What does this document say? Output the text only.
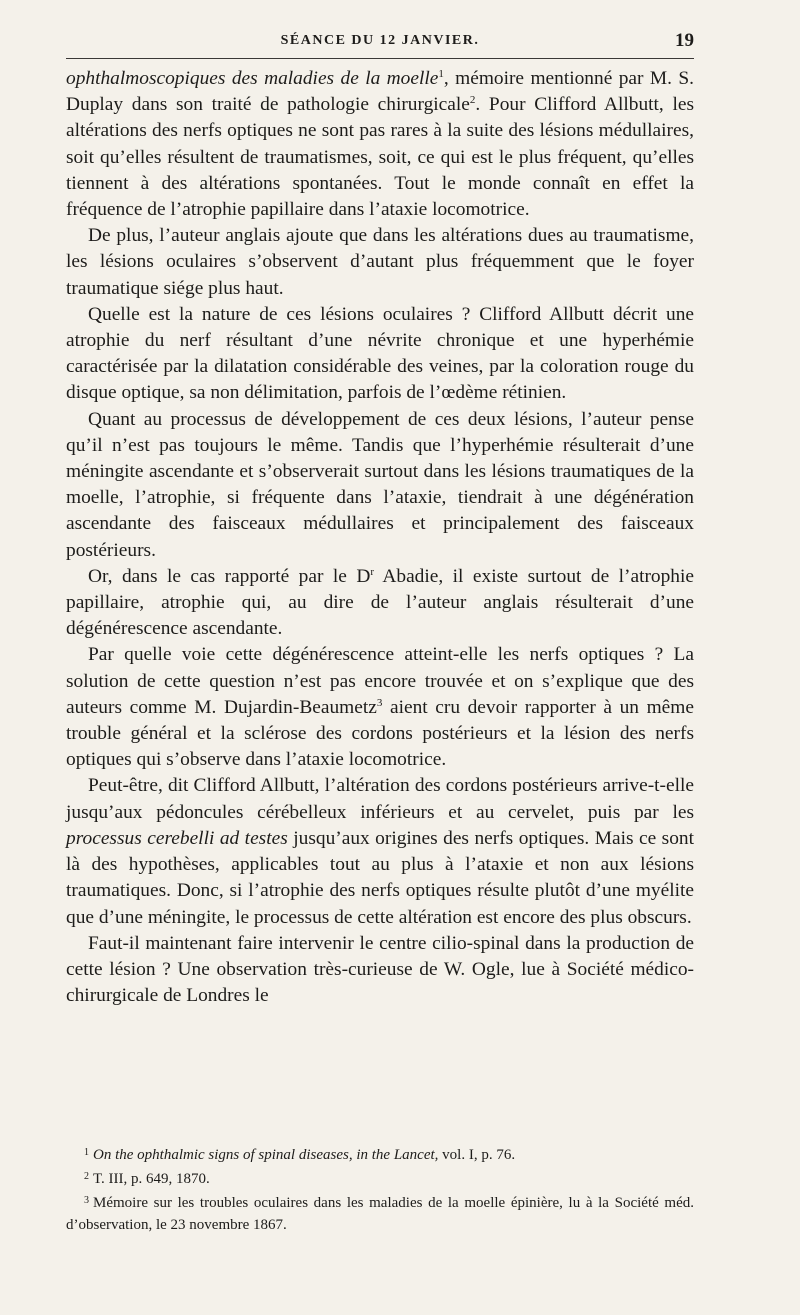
SÉANCE DU 12 JANVIER.	19

ophthalmoscopiques des maladies de la moelle$^1$, mémoire mentionné par M. S. Duplay dans son traité de pathologie chirurgicale$^2$. Pour Clifford Allbutt, les altérations des nerfs optiques ne sont pas rares à la suite des lésions médullaires, soit qu’elles résultent de traumatismes, soit, ce qui est le plus fréquent, qu’elles tiennent à des altérations spontanées. Tout le monde connaît en effet la fréquence de l’atrophie papillaire dans l’ataxie locomotrice.

De plus, l’auteur anglais ajoute que dans les altérations dues au traumatisme, les lésions oculaires s’observent d’autant plus fréquemment que le foyer traumatique siége plus haut.

Quelle est la nature de ces lésions oculaires ? Clifford Allbutt décrit une atrophie du nerf résultant d’une névrite chronique et une hyperhémie caractérisée par la dilatation considérable des veines, par la coloration rouge du disque optique, sa non délimitation, parfois de l’œdème rétinien.

Quant au processus de développement de ces deux lésions, l’auteur pense qu’il n’est pas toujours le même. Tandis que l’hyperhémie résulterait d’une méningite ascendante et s’observerait surtout dans les lésions traumatiques de la moelle, l’atrophie, si fréquente dans l’ataxie, tiendrait à une dégénération ascendante des faisceaux médullaires et principalement des faisceaux postérieurs.

Or, dans le cas rapporté par le $D^r$ Abadie, il existe surtout de l’atrophie papillaire, atrophie qui, au dire de l’auteur anglais résulterait d’une dégénérescence ascendante.

Par quelle voie cette dégénérescence atteint-elle les nerfs optiques ? La solution de cette question n’est pas encore trouvée et on s’explique que des auteurs comme M. Dujardin-Beaumetz$^3$ aient cru devoir rapporter à un même trouble général et la sclérose des cordons postérieurs et la lésion des nerfs optiques qui s’observe dans l’ataxie locomotrice.

Peut-être, dit Clifford Allbutt, l’altération des cordons postérieurs arrive-t-elle jusqu’aux pédoncules cérébelleux inférieurs et au cervelet, puis par les processus cerebelli ad testes jusqu’aux origines des nerfs optiques. Mais ce sont là des hypothèses, applicables tout au plus à l’ataxie et non aux lésions traumatiques. Donc, si l’atrophie des nerfs optiques résulte plutôt d’une myélite que d’une méningite, le processus de cette altération est encore des plus obscurs.

Faut-il maintenant faire intervenir le centre cilio-spinal dans la production de cette lésion ? Une observation très-curieuse de W. Ogle, lue à Société médico-chirurgicale de Londres le

$^1$ On the ophthalmic signs of spinal diseases, in the Lancet, vol. I, p. 76.

$^2$ T. III, p. 649, 1870.

$^3$ Mémoire sur les troubles oculaires dans les maladies de la moelle épinière, lu à la Société méd. d’observation, le 23 novembre 1867.
